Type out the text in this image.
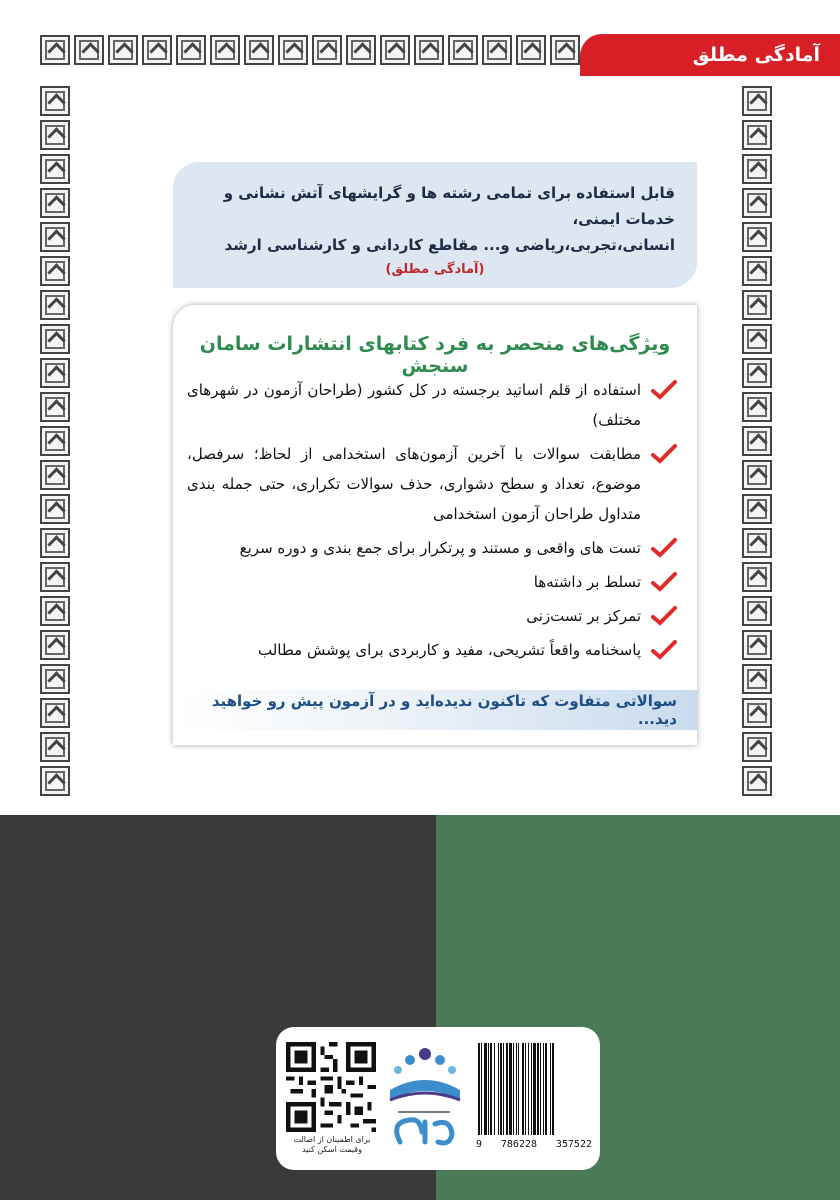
آمادگی مطلق

قابل استفاده برای تمامی رشته ها و گرایشهای آتش نشانی و خدمات ایمنی،

انسانی،تجربی،ریاضی و... مقاطع کاردانی و کارشناسی ارشد

(آمادگی مطلق)
ویژگی‌های منحصر به فرد کتابهای انتشارات سامان سنجش
استفاده از قلم اساتید برجسته در کل کشور (طراحان آزمون در شهرهای مختلف)
مطابقت سوالات با آخرین آزمون‌های استخدامی از لحاظ؛ سرفصل، موضوع، تعداد و سطح دشواری، حذف سوالات تکراری، حتی جمله بندی متداول طراحان آزمون استخدامی
تست های واقعی و مستند و پرتکرار برای جمع بندی و دوره سریع
تسلط بر داشته‌ها
تمرکز بر تست‌زنی
پاسخنامه واقعاً تشریحی، مفید و کاربردی برای پوشش مطالب
سوالاتی متفاوت که تاکنون ندیده‌اید و در آزمون پیش رو خواهید دید...
برای اطمینان از اصالت
وقیمت اسکن کنید	9 786228 357522
